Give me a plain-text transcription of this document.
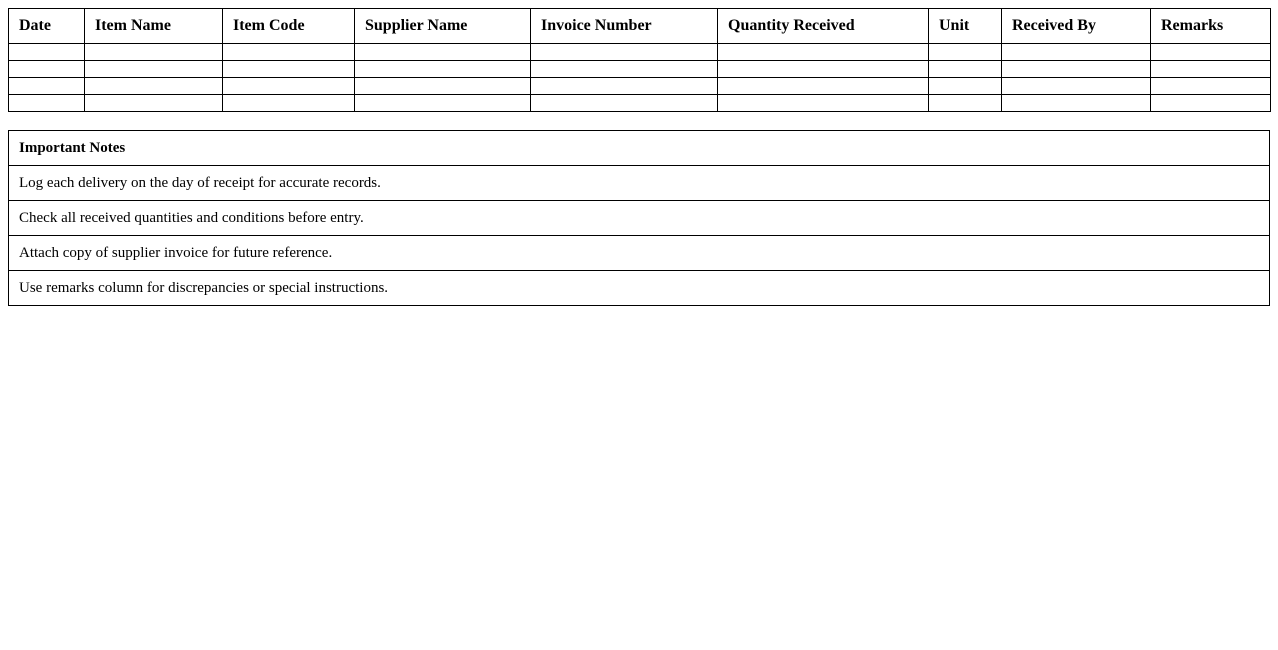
Date	Item Name	Item Code	Supplier Name	Invoice Number	Quantity Received	Unit	Received By	Remarks

Important Notes
Log each delivery on the day of receipt for accurate records.
Check all received quantities and conditions before entry.
Attach copy of supplier invoice for future reference.
Use remarks column for discrepancies or special instructions.
